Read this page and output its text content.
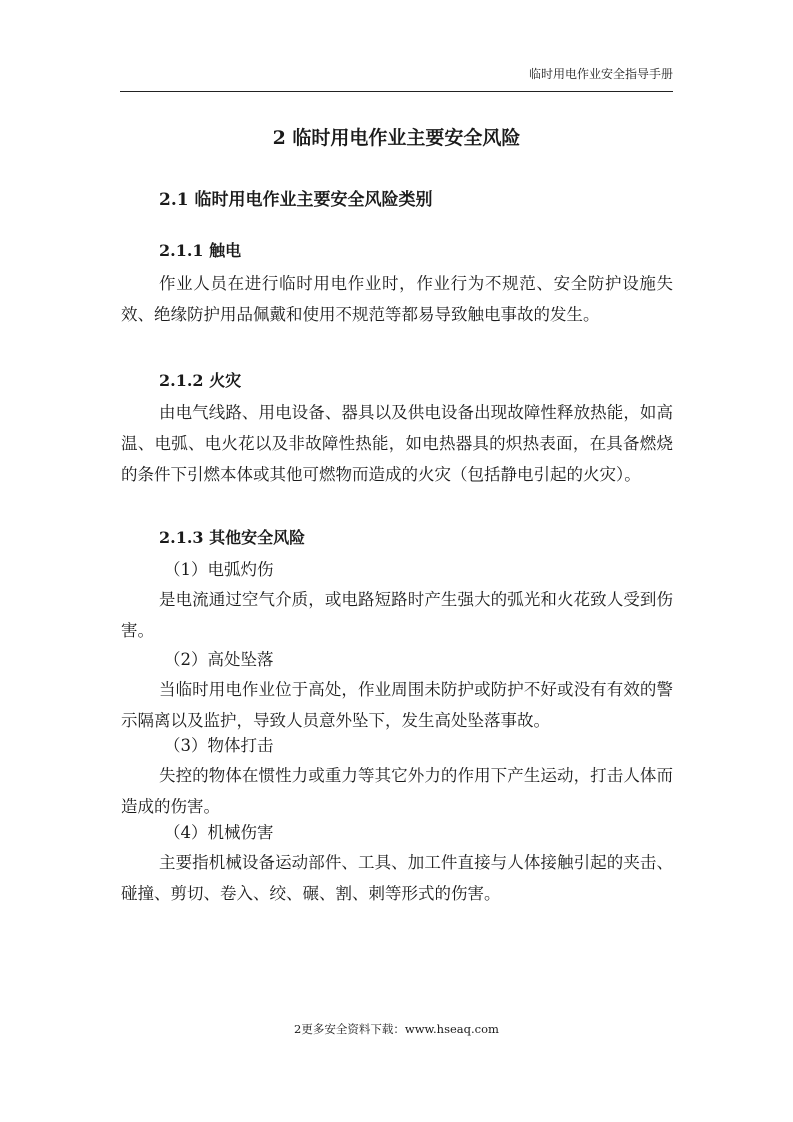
临时用电作业安全指导手册
2 临时用电作业主要安全风险
2.1 临时用电作业主要安全风险类别
2.1.1 触电
作业人员在进行临时用电作业时，作业行为不规范、安全防护设施失效、绝缘防护用品佩戴和使用不规范等都易导致触电事故的发生。
2.1.2 火灾
由电气线路、用电设备、器具以及供电设备出现故障性释放热能，如高温、电弧、电火花以及非故障性热能，如电热器具的炽热表面，在具备燃烧的条件下引燃本体或其他可燃物而造成的火灾（包括静电引起的火灾）。
2.1.3 其他安全风险
（1）电弧灼伤
是电流通过空气介质，或电路短路时产生强大的弧光和火花致人受到伤害。
（2）高处坠落
当临时用电作业位于高处，作业周围未防护或防护不好或没有有效的警示隔离以及监护，导致人员意外坠下，发生高处坠落事故。
（3）物体打击
失控的物体在惯性力或重力等其它外力的作用下产生运动，打击人体而造成的伤害。
（4）机械伤害
主要指机械设备运动部件、工具、加工件直接与人体接触引起的夹击、碰撞、剪切、卷入、绞、碾、割、刺等形式的伤害。
2更多安全资料下载：www.hseaq.com
